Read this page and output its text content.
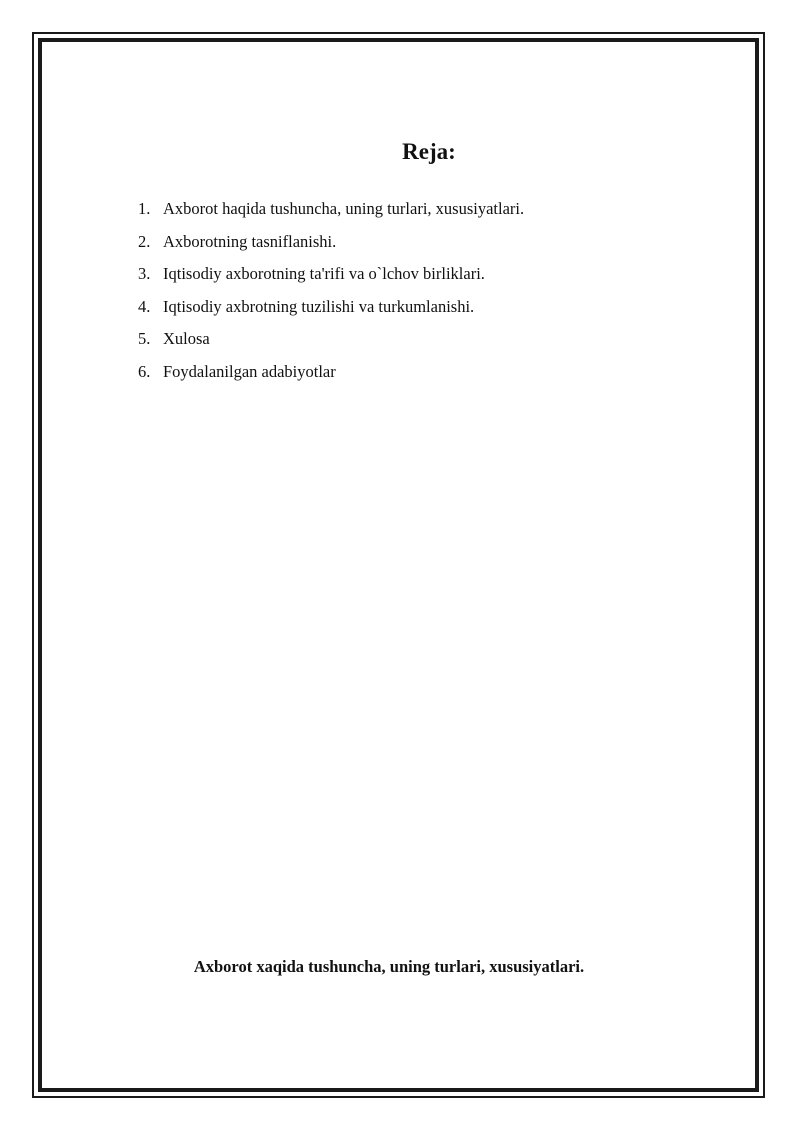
Reja:
1. Axborot haqida tushuncha, uning turlari, xususiyatlari.
2. Axborotning tasniflanishi.
3. Iqtisodiy axborotning ta'rifi va o`lchov birliklari.
4. Iqtisodiy axbrotning tuzilishi va turkumlanishi.
5. Xulosa
6. Foydalanilgan adabiyotlar
Axborot xaqida tushuncha, uning turlari, xususiyatlari.
